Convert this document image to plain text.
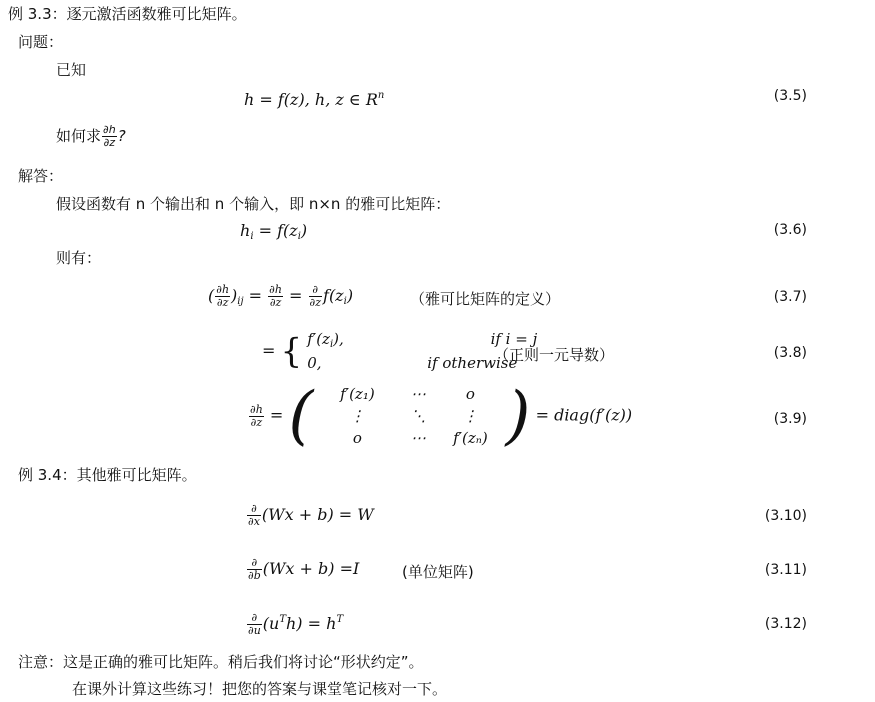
例 3.3：逐元激活函数雅可比矩阵。
问题：
已知
h = f(z), h, z ∈ $R^n$	(3.5)
如何求 $\frac{\partial h}{\partial z}$ ?
解答：
假设函数有 n 个输出和 n 个输入，即 n×n 的雅可比矩阵：
$h_i = f(z_i)$	(3.6)
则有：
( $\frac{\partial h}{\partial z} )_{ij} = \frac{\partial h}{\partial z} = \frac{\partial}{\partial z} f(z_i)$	（雅可比矩阵的定义）	(3.7)
= { $f'(z_i)$,	if i = j
0,	if otherwise
（正则一元导数）	(3.8)
$\frac{\partial h}{\partial z}$ = (	f′(z₁)	⋯	o
⋮	⋱	⋮
o	⋯	f′(zₙ) ) = diag(f′(z))	(3.9)
例 3.4：其他雅可比矩阵。
$\frac{\partial}{\partial x} (Wx + b) = W$	(3.10)
$\frac{\partial}{\partial b} (Wx + b) =I$	(单位矩阵)	(3.11)
$\frac{\partial}{\partial u} (u^Th) = h^T$	(3.12)
注意：这是正确的雅可比矩阵。稍后我们将讨论“形状约定”。
在课外计算这些练习！把您的答案与课堂笔记核对一下。
